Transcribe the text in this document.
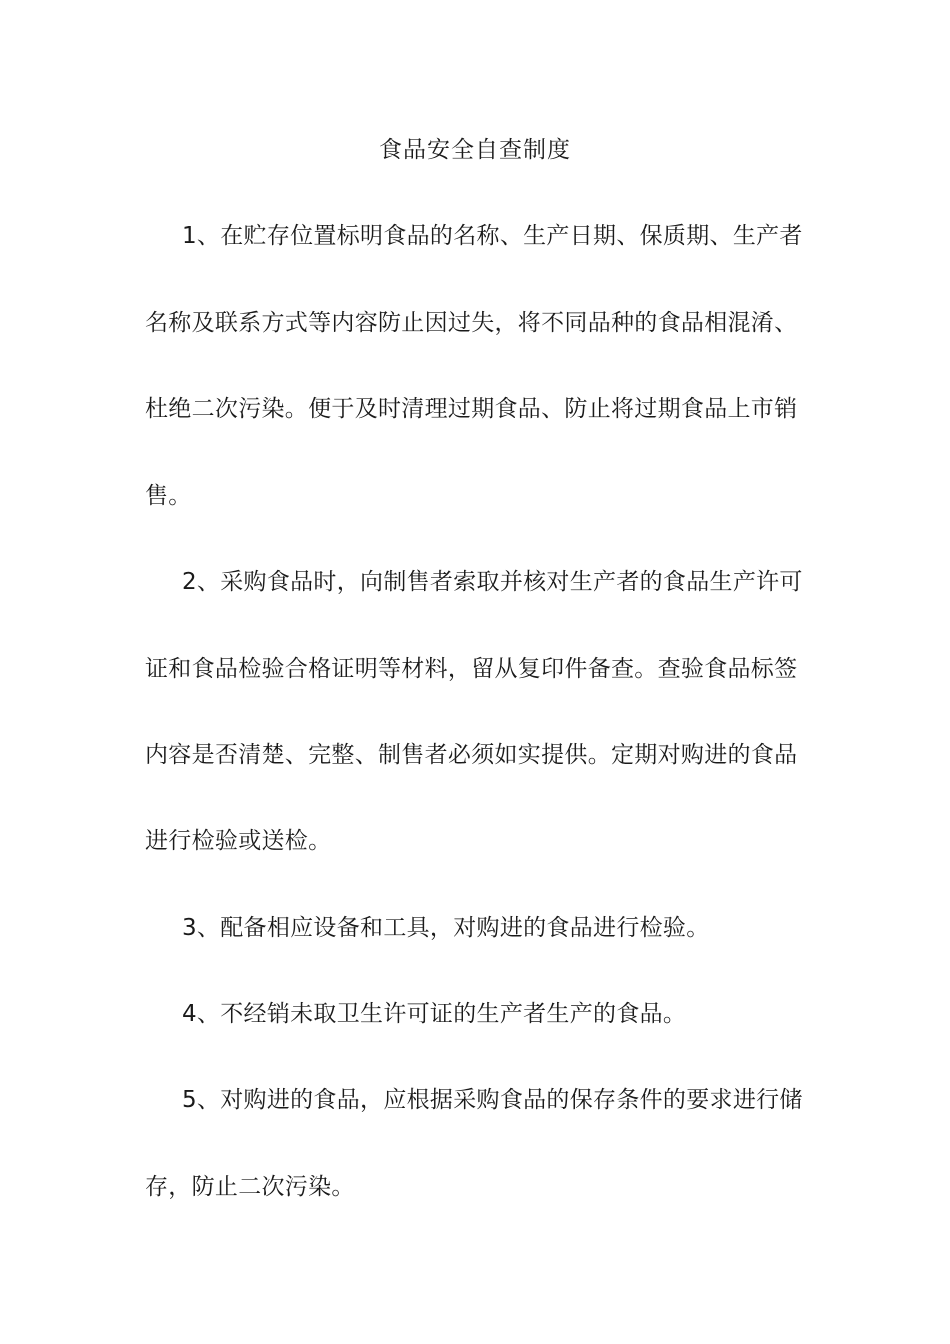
食品安全自查制度
1、在贮存位置标明食品的名称、生产日期、保质期、生产者
名称及联系方式等内容防止因过失，将不同品种的食品相混淆、
杜绝二次污染。便于及时清理过期食品、防止将过期食品上市销
售。
2、采购食品时，向制售者索取并核对生产者的食品生产许可
证和食品检验合格证明等材料，留从复印件备查。查验食品标签
内容是否清楚、完整、制售者必须如实提供。定期对购进的食品
进行检验或送检。
3、配备相应设备和工具，对购进的食品进行检验。
4、不经销未取卫生许可证的生产者生产的食品。
5、对购进的食品，应根据采购食品的保存条件的要求进行储
存，防止二次污染。
